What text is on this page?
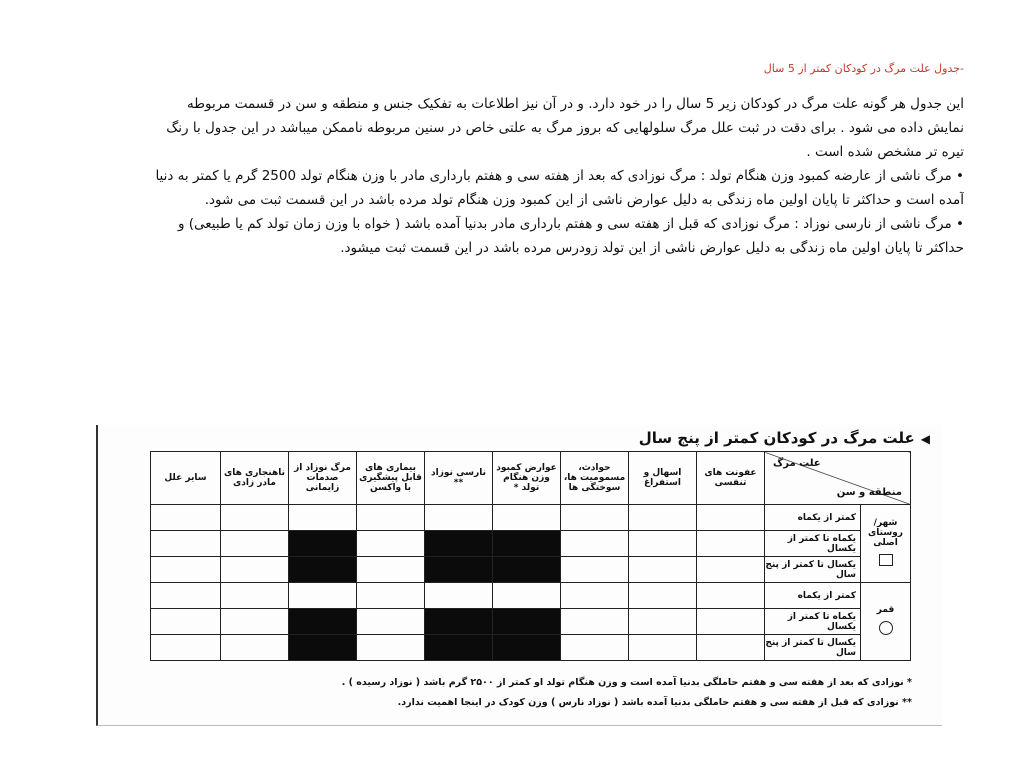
-جدول علت مرگ در کودکان کمتر از 5 سال
این جدول هر گونه علت مرگ در کودکان زیر 5 سال را در خود دارد. و در آن نیز اطلاعات به تفکیک جنس و منطقه و سن در قسمت مربوطه
نمایش داده می شود . برای دقت در ثبت علل مرگ سلولهایی که بروز مرگ به علتی خاص در سنین مربوطه ناممکن میباشد در این جدول با رنگ
تیره تر مشخص شده است .
• مرگ ناشی از عارضه کمبود وزن هنگام تولد : مرگ نوزادی که بعد از هفته سی و هفتم بارداری مادر با وزن هنگام تولد 2500 گرم یا کمتر به دنیا
آمده است و حداکثر تا پایان اولین ماه زندگی به دلیل عوارض ناشی از این کمبود وزن هنگام تولد مرده باشد در این قسمت ثبت می شود.
• مرگ ناشی از نارسی نوزاد : مرگ نوزادی که قبل از هفته سی و هفتم بارداری مادر بدنیا آمده باشد ( خواه با وزن زمان تولد کم یا طبیعی) و
حداکثر تا پایان اولین ماه زندگی به دلیل عوارض ناشی از این تولد زودرس مرده باشد در این قسمت ثبت میشود.
◀علت مرگ در کودکان کمتر از پنج سال
علت مرگ
منطقه و سن		عفونت های تنفسی	اسهال و استفراغ	حوادث، مسمومیت ها، سوختگی ها	عوارض کمبود وزن هنگام تولد *	نارسی نوزاد **	بیماری های قابل پیشگیری با واکسن	مرگ نوزاد از صدمات زایمانی	ناهنجاری های مادر زادی	سایر علل
شهر/ روستای اصلی	کمتر از یکماه									
	یکماه تا کمتر از یکسال									
	یکسال تا کمتر از پنج سال									
قمر	کمتر از یکماه									
	یکماه تا کمتر از یکسال									
	یکسال تا کمتر از پنج سال									
* نوزادی که بعد از هفته سی و هفتم حاملگی بدنیا آمده است و وزن هنگام تولد او کمتر از ۲۵۰۰ گرم باشد ( نوزاد رسیده ) .
** نوزادی که قبل از هفته سی و هفتم حاملگی بدنیا آمده باشد ( نوزاد نارس ) وزن کودک در اینجا اهمیت ندارد.
